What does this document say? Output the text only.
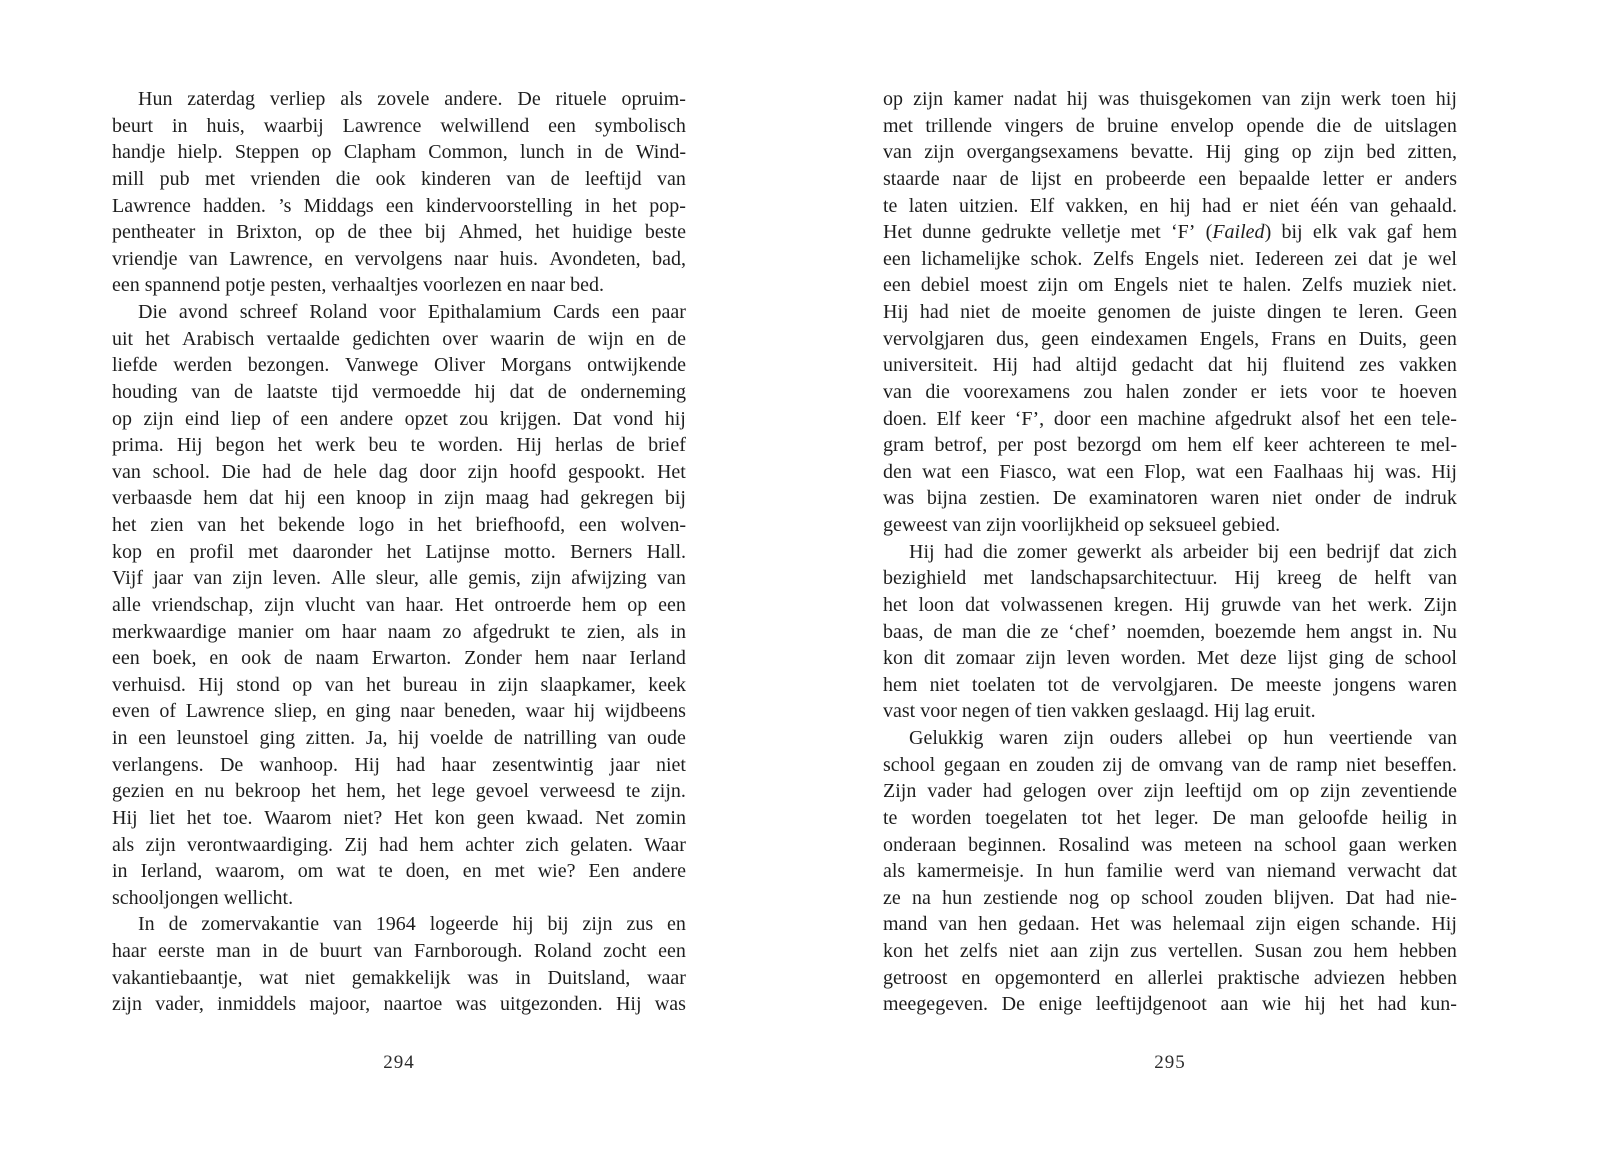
Hun zaterdag verliep als zovele andere. De rituele opruim-
beurt in huis, waarbij Lawrence welwillend een symbolisch
handje hielp. Steppen op Clapham Common, lunch in de Wind-
mill pub met vrienden die ook kinderen van de leeftijd van
Lawrence hadden. ’s Middags een kindervoorstelling in het pop-
pentheater in Brixton, op de thee bij Ahmed, het huidige beste
vriendje van Lawrence, en vervolgens naar huis. Avondeten, bad,
een spannend potje pesten, verhaaltjes voorlezen en naar bed.
Die avond schreef Roland voor Epithalamium Cards een paar
uit het Arabisch vertaalde gedichten over waarin de wijn en de
liefde werden bezongen. Vanwege Oliver Morgans ontwijkende
houding van de laatste tijd vermoedde hij dat de onderneming
op zijn eind liep of een andere opzet zou krijgen. Dat vond hij
prima. Hij begon het werk beu te worden. Hij herlas de brief
van school. Die had de hele dag door zijn hoofd gespookt. Het
verbaasde hem dat hij een knoop in zijn maag had gekregen bij
het zien van het bekende logo in het briefhoofd, een wolven-
kop en profil met daaronder het Latijnse motto. Berners Hall.
Vijf jaar van zijn leven. Alle sleur, alle gemis, zijn afwijzing van
alle vriendschap, zijn vlucht van haar. Het ontroerde hem op een
merkwaardige manier om haar naam zo afgedrukt te zien, als in
een boek, en ook de naam Erwarton. Zonder hem naar Ierland
verhuisd. Hij stond op van het bureau in zijn slaapkamer, keek
even of Lawrence sliep, en ging naar beneden, waar hij wijdbeens
in een leunstoel ging zitten. Ja, hij voelde de natrilling van oude
verlangens. De wanhoop. Hij had haar zesentwintig jaar niet
gezien en nu bekroop het hem, het lege gevoel verweesd te zijn.
Hij liet het toe. Waarom niet? Het kon geen kwaad. Net zomin
als zijn verontwaardiging. Zij had hem achter zich gelaten. Waar
in Ierland, waarom, om wat te doen, en met wie? Een andere
schooljongen wellicht.
In de zomervakantie van 1964 logeerde hij bij zijn zus en
haar eerste man in de buurt van Farnborough. Roland zocht een
vakantiebaantje, wat niet gemakkelijk was in Duitsland, waar
zijn vader, inmiddels majoor, naartoe was uitgezonden. Hij was
op zijn kamer nadat hij was thuisgekomen van zijn werk toen hij
met trillende vingers de bruine envelop opende die de uitslagen
van zijn overgangsexamens bevatte. Hij ging op zijn bed zitten,
staarde naar de lijst en probeerde een bepaalde letter er anders
te laten uitzien. Elf vakken, en hij had er niet één van gehaald.
Het dunne gedrukte velletje met ‘F’ (Failed) bij elk vak gaf hem
een lichamelijke schok. Zelfs Engels niet. Iedereen zei dat je wel
een debiel moest zijn om Engels niet te halen. Zelfs muziek niet.
Hij had niet de moeite genomen de juiste dingen te leren. Geen
vervolgjaren dus, geen eindexamen Engels, Frans en Duits, geen
universiteit. Hij had altijd gedacht dat hij fluitend zes vakken
van die voorexamens zou halen zonder er iets voor te hoeven
doen. Elf keer ‘F’, door een machine afgedrukt alsof het een tele-
gram betrof, per post bezorgd om hem elf keer achtereen te mel-
den wat een Fiasco, wat een Flop, wat een Faalhaas hij was. Hij
was bijna zestien. De examinatoren waren niet onder de indruk
geweest van zijn voorlijkheid op seksueel gebied.
Hij had die zomer gewerkt als arbeider bij een bedrijf dat zich
bezighield met landschapsarchitectuur. Hij kreeg de helft van
het loon dat volwassenen kregen. Hij gruwde van het werk. Zijn
baas, de man die ze ‘chef’ noemden, boezemde hem angst in. Nu
kon dit zomaar zijn leven worden. Met deze lijst ging de school
hem niet toelaten tot de vervolgjaren. De meeste jongens waren
vast voor negen of tien vakken geslaagd. Hij lag eruit.
Gelukkig waren zijn ouders allebei op hun veertiende van
school gegaan en zouden zij de omvang van de ramp niet beseffen.
Zijn vader had gelogen over zijn leeftijd om op zijn zeventiende
te worden toegelaten tot het leger. De man geloofde heilig in
onderaan beginnen. Rosalind was meteen na school gaan werken
als kamermeisje. In hun familie werd van niemand verwacht dat
ze na hun zestiende nog op school zouden blijven. Dat had nie-
mand van hen gedaan. Het was helemaal zijn eigen schande. Hij
kon het zelfs niet aan zijn zus vertellen. Susan zou hem hebben
getroost en opgemonterd en allerlei praktische adviezen hebben
meegegeven. De enige leeftijdgenoot aan wie hij het had kun-
294	295
